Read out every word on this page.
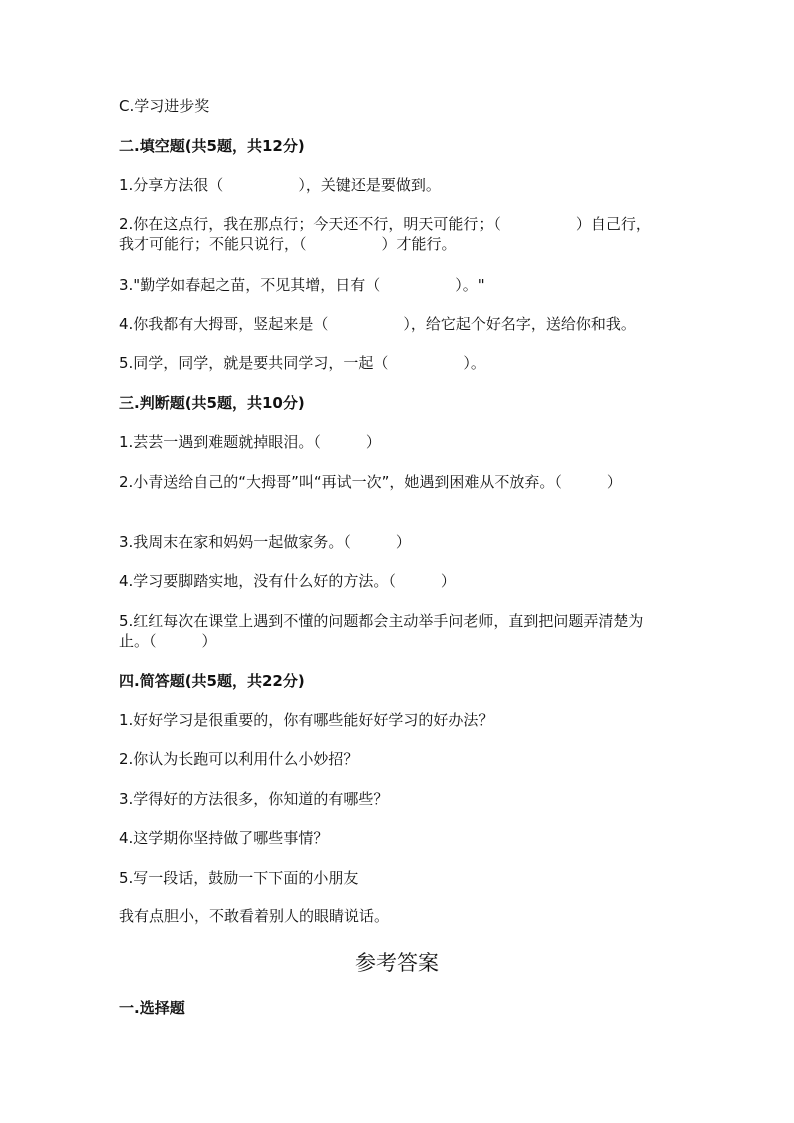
C.学习进步奖
二.填空题(共5题，共12分)
1.分享方法很（　　　　　），关键还是要做到。
2.你在这点行，我在那点行；今天还不行，明天可能行；（　　　　　）自己行，我才可能行；不能只说行，（　　　　　）才能行。
3."勤学如春起之苗，不见其增，日有（　　　　　）。"
4.你我都有大拇哥，竖起来是（　　　　　），给它起个好名字，送给你和我。
5.同学，同学，就是要共同学习，一起（　　　　　）。
三.判断题(共5题，共10分)
1.芸芸一遇到难题就掉眼泪。（　　　）
2.小青送给自己的“大拇哥”叫“再试一次”，她遇到困难从不放弃。（　　　）
3.我周末在家和妈妈一起做家务。（　　　）
4.学习要脚踏实地，没有什么好的方法。（　　　）
5.红红每次在课堂上遇到不懂的问题都会主动举手问老师，直到把问题弄清楚为止。（　　　）
四.简答题(共5题，共22分)
1.好好学习是很重要的，你有哪些能好好学习的好办法？
2.你认为长跑可以利用什么小妙招？
3.学得好的方法很多，你知道的有哪些？
4.这学期你坚持做了哪些事情？
5.写一段话，鼓励一下下面的小朋友
我有点胆小，不敢看着别人的眼睛说话。
参考答案
一.选择题
